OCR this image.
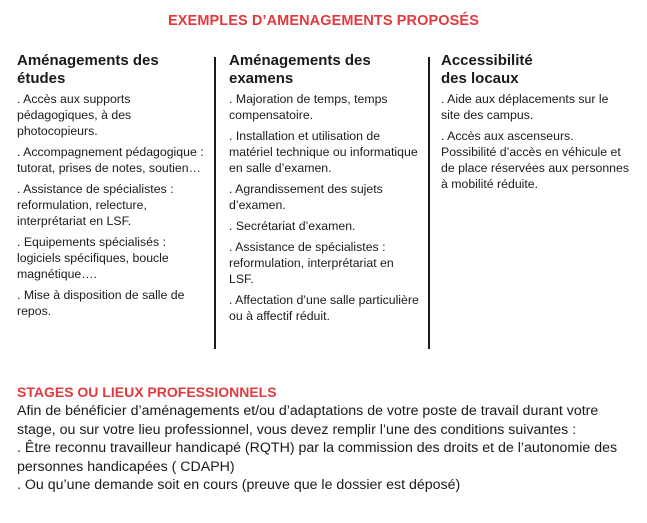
EXEMPLES D’AMENAGEMENTS PROPOSÉS
Aménagements des
études
. Accès aux supports pédagogiques, à des photocopieurs.
. Accompagnement pédagogique : tutorat, prises de notes, soutien…
. Assistance de spécialistes : reformulation, relecture, interprétariat en LSF.
. Equipements spécialisés : logiciels spécifiques, boucle magnétique….
. Mise à disposition de salle de repos.
Aménagements des
examens
. Majoration de temps, temps compensatoire.
. Installation et utilisation de matériel technique ou informatique en salle d’examen.
. Agrandissement des sujets d’examen.
. Secrétariat d’examen.
. Assistance de spécialistes : reformulation, interprétariat en LSF.
. Affectation d’une salle particulière ou à affectif réduit.
Accessibilité
des locaux
. Aide aux déplacements sur le site des campus.
. Accès aux ascenseurs. Possibilité d’accès en véhicule et de place réservées aux personnes à mobilité réduite.
STAGES OU LIEUX PROFESSIONNELS

Afin de bénéficier d’aménagements et/ou d’adaptations de votre poste de travail durant votre stage, ou sur votre lieu professionnel, vous devez remplir l’une des conditions suivantes :

. Être reconnu travailleur handicapé (RQTH) par la commission des droits et de l’autonomie des personnes handicapées ( CDAPH)

. Ou qu’une demande soit en cours (preuve que le dossier est déposé)
